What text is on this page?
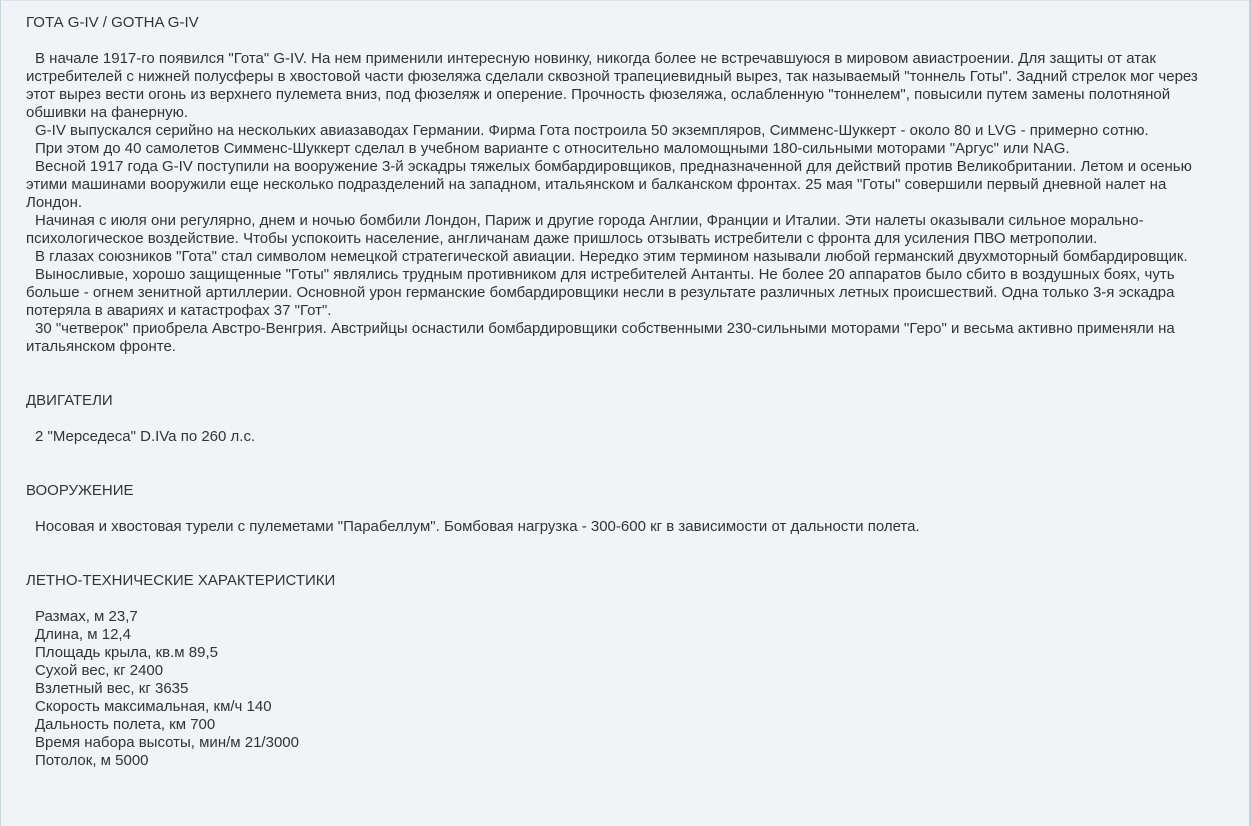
ГОТА G-IV / GOTHA G-IV

В начале 1917-го появился "Гота" G-IV. На нем применили интересную новинку, никогда более не встречавшуюся в мировом авиастроении. Для защиты от атак истребителей с нижней полусферы в хвостовой части фюзеляжа сделали сквозной трапециевидный вырез, так называемый "тоннель Готы". Задний стрелок мог через этот вырез вести огонь из верхнего пулемета вниз, под фюзеляж и оперение. Прочность фюзеляжа, ослабленную "тоннелем", повысили путем замены полотняной обшивки на фанерную.

G-IV выпускался серийно на нескольких авиазаводах Германии. Фирма Гота построила 50 экземпляров, Симменс-Шуккерт - около 80 и LVG - примерно сотню.

При этом до 40 самолетов Симменс-Шуккерт сделал в учебном варианте с относительно маломощными 180-сильными моторами "Аргус" или NAG.

Весной 1917 года G-IV поступили на вооружение 3-й эскадры тяжелых бомбардировщиков, предназначенной для действий против Великобритании. Летом и осенью этими машинами вооружили еще несколько подразделений на западном, итальянском и балканском фронтах. 25 мая "Готы" совершили первый дневной налет на Лондон.

Начиная с июля они регулярно, днем и ночью бомбили Лондон, Париж и другие города Англии, Франции и Италии. Эти налеты оказывали сильное морально-психологическое воздействие. Чтобы успокоить население, англичанам даже пришлось отзывать истребители с фронта для усиления ПВО метрополии.

В глазах союзников "Гота" стал символом немецкой стратегической авиации. Нередко этим термином называли любой германский двухмоторный бомбардировщик.

Выносливые, хорошо защищенные "Готы" являлись трудным противником для истребителей Антанты. Не более 20 аппаратов было сбито в воздушных боях, чуть больше - огнем зенитной артиллерии. Основной урон германские бомбардировщики несли в результате различных летных происшествий. Одна только 3-я эскадра потеряла в авариях и катастрофах 37 "Гот".

30 "четверок" приобрела Австро-Венгрия. Австрийцы оснастили бомбардировщики собственными 230-сильными моторами "Геро" и весьма активно применяли на итальянском фронте.

ДВИГАТЕЛИ

2 "Мерседеса" D.IVa по 260 л.с.

ВООРУЖЕНИЕ

Носовая и хвостовая турели с пулеметами "Парабеллум". Бомбовая нагрузка - 300-600 кг в зависимости от дальности полета.

ЛЕТНО-ТЕХНИЧЕСКИЕ ХАРАКТЕРИСТИКИ
Размах, м 23,7
Длина, м 12,4
Площадь крыла, кв.м 89,5
Сухой вес, кг 2400
Взлетный вес, кг 3635
Скорость максимальная, км/ч 140
Дальность полета, км 700
Время набора высоты, мин/м 21/3000
Потолок, м 5000
